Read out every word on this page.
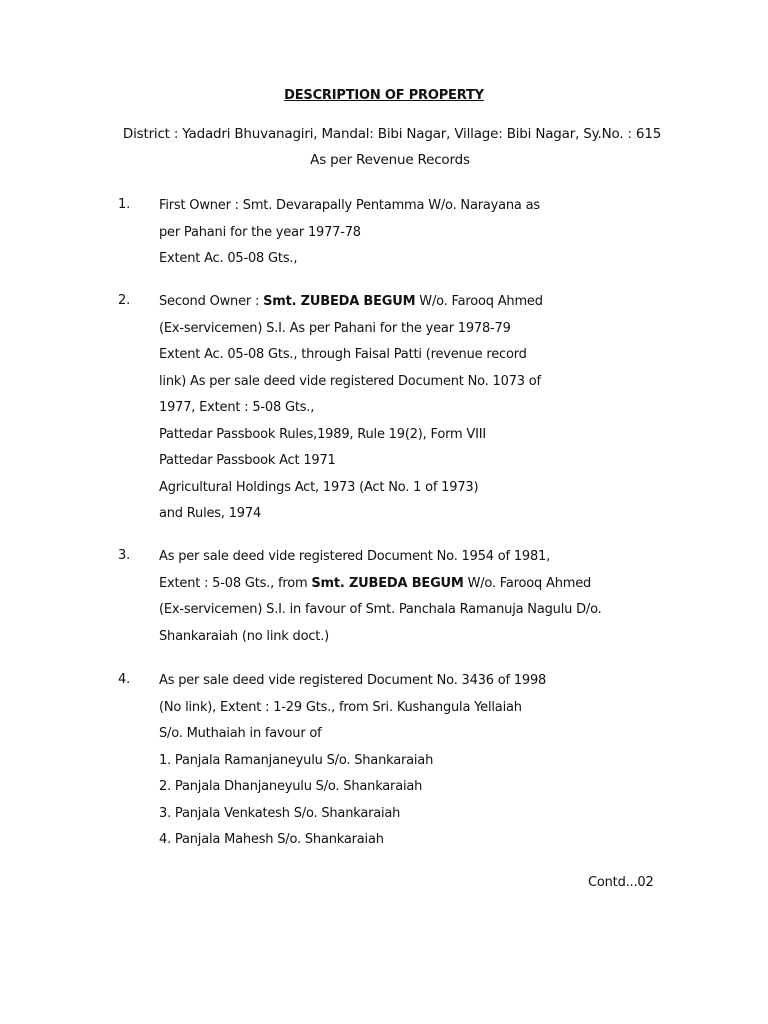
DESCRIPTION OF PROPERTY
District : Yadadri Bhuvanagiri, Mandal: Bibi Nagar, Village: Bibi Nagar, Sy.No. : 615
As per Revenue Records
1. First Owner : Smt. Devarapally Pentamma W/o. Narayana as
per Pahani for the year 1977-78
Extent Ac. 05-08 Gts.,
2. Second Owner : Smt. ZUBEDA BEGUM W/o. Farooq Ahmed
(Ex-servicemen) S.I. As per Pahani for the year 1978-79
Extent Ac. 05-08 Gts., through Faisal Patti (revenue record
link) As per sale deed vide registered Document No. 1073 of
1977, Extent : 5-08 Gts.,
Pattedar Passbook Rules,1989, Rule 19(2), Form VIII
Pattedar Passbook Act 1971
Agricultural Holdings Act, 1973 (Act No. 1 of 1973)
and Rules, 1974
3. As per sale deed vide registered Document No. 1954 of 1981,
Extent : 5-08 Gts., from Smt. ZUBEDA BEGUM W/o. Farooq Ahmed
(Ex-servicemen) S.I. in favour of Smt. Panchala Ramanuja Nagulu D/o.
Shankaraiah (no link doct.)
4. As per sale deed vide registered Document No. 3436 of 1998
(No link), Extent : 1-29 Gts., from Sri. Kushangula Yellaiah
S/o. Muthaiah in favour of
1. Panjala Ramanjaneyulu S/o. Shankaraiah
2. Panjala Dhanjaneyulu S/o. Shankaraiah
3. Panjala Venkatesh S/o. Shankaraiah
4. Panjala Mahesh S/o. Shankaraiah
Contd...02
